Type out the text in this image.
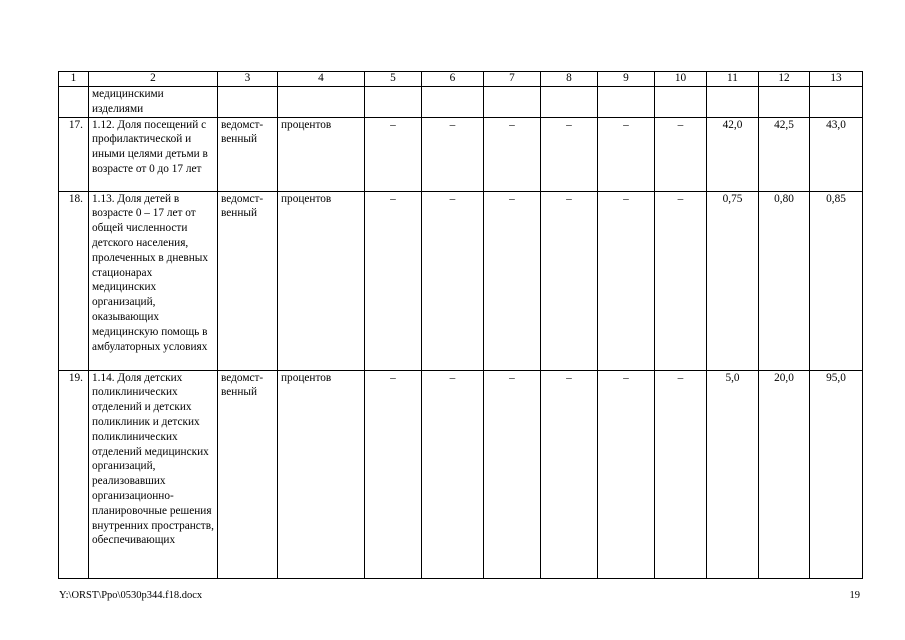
1	2	3	4	5	6	7	8	9	10	11	12	13
	медицинскими изделиями											
17.	1.12. Доля посещений с профилактической и иными целями детьми в возрасте от 0 до 17 лет	ведомст-венный	процентов	–	–	–	–	–	–	42,0	42,5	43,0
18.	1.13. Доля детей в возрасте 0 – 17 лет от общей численности детского населения, пролеченных в дневных стационарах медицинских организаций, оказывающих медицинскую помощь в амбулаторных условиях	ведомст-венный	процентов	–	–	–	–	–	–	0,75	0,80	0,85
19.	1.14. Доля детских поликлинических отделений и детских поликлиник и детских поликлинических отделений медицинских организаций, реализовавших организационно-планировочные решения внутренних пространств, обеспечивающих	ведомст-венный	процентов	–	–	–	–	–	–	5,0	20,0	95,0
Y:\ORST\Ppo\0530p344.f18.docx	19
